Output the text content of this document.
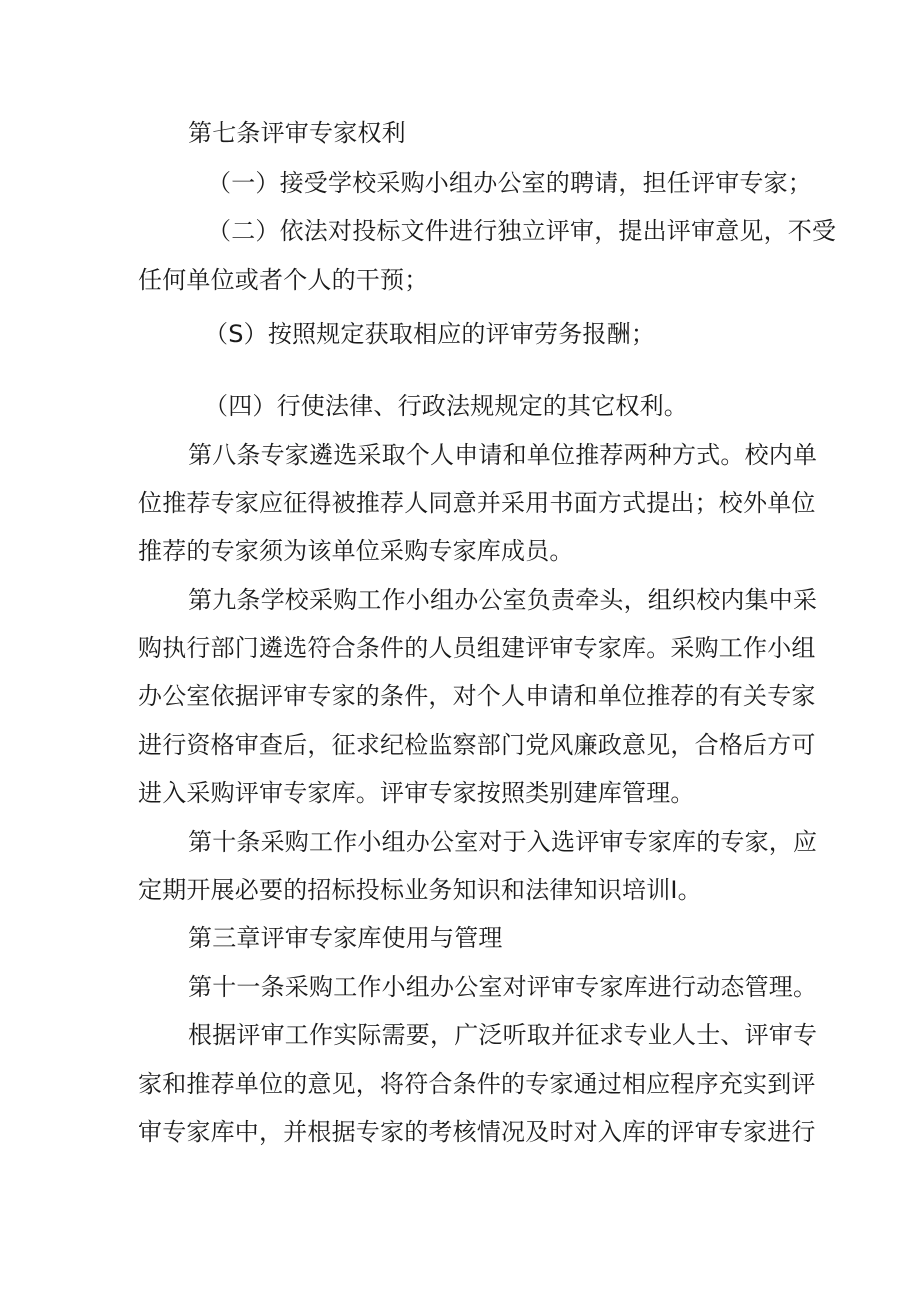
第七条评审专家权利
（一）接受学校采购小组办公室的聘请，担任评审专家；
（二）依法对投标文件进行独立评审，提出评审意见，不受
任何单位或者个人的干预；
（S）按照规定获取相应的评审劳务报酬；
（四）行使法律、行政法规规定的其它权利。
第八条专家遴选采取个人申请和单位推荐两种方式。校内单
位推荐专家应征得被推荐人同意并采用书面方式提出；校外单位
推荐的专家须为该单位采购专家库成员。
第九条学校采购工作小组办公室负责牵头，组织校内集中采
购执行部门遴选符合条件的人员组建评审专家库。采购工作小组
办公室依据评审专家的条件，对个人申请和单位推荐的有关专家
进行资格审查后，征求纪检监察部门党风廉政意见，合格后方可
进入采购评审专家库。评审专家按照类别建库管理。
第十条采购工作小组办公室对于入选评审专家库的专家，应
定期开展必要的招标投标业务知识和法律知识培训I。
第三章评审专家库使用与管理
第十一条采购工作小组办公室对评审专家库进行动态管理。
根据评审工作实际需要，广泛听取并征求专业人士、评审专
家和推荐单位的意见，将符合条件的专家通过相应程序充实到评
审专家库中，并根据专家的考核情况及时对入库的评审专家进行
